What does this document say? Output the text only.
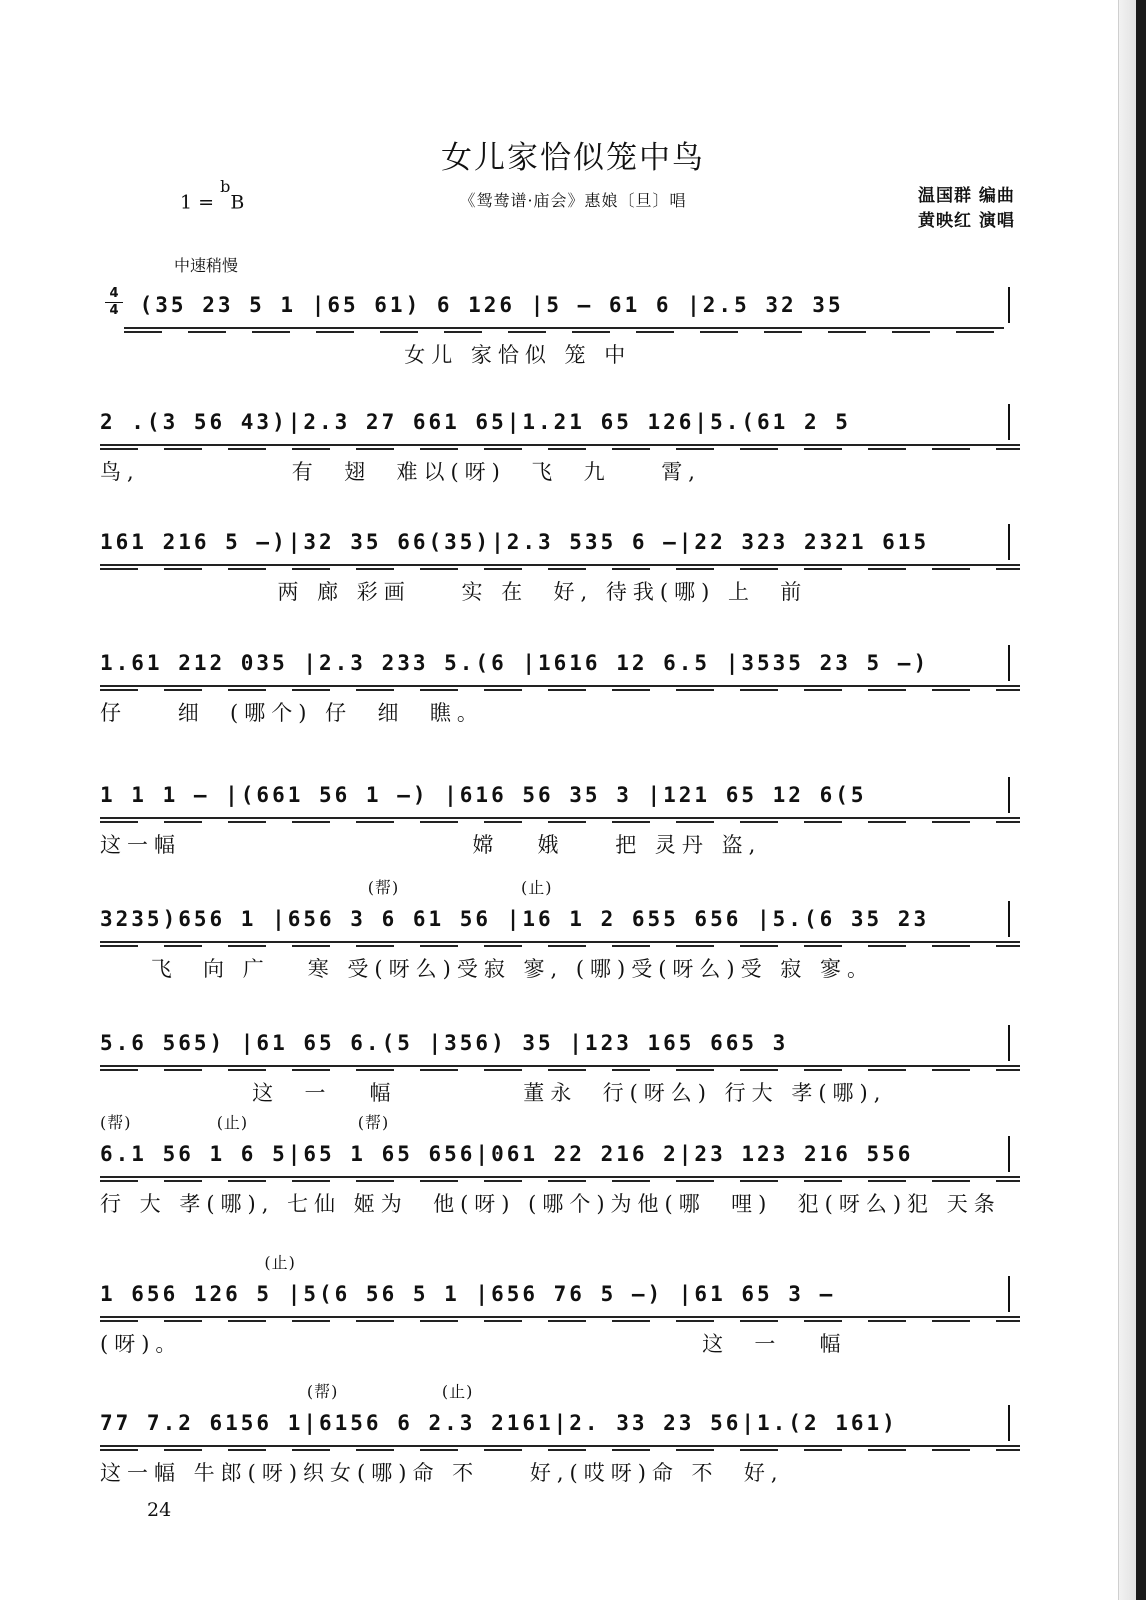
女儿家恰似笼中鸟
1 = $^b$B	《鸳鸯谱·庙会》惠娘〔旦〕唱	温国群 编曲
黄映红 演唱
中速稍慢
4
4 (35 23 5 1 |65 61) 6 126 |5 — 61 6 |2.5 32 35
女儿 家恰似 笼 中
2 .(3 56 43)|2.3 27 661 65|1.21 65 126|5.(61 2 5
鸟,            有  翅  难以(呀)  飞  九    霄,
161 216 5 —)|32 35 66(35)|2.3 535 6 —|22 323 2321 615
两 廊 彩画    实 在  好, 待我(哪) 上  前
1.61 212 035 |2.3 233 5.(6 |1616 12 6.5 |3535 23 5 —)
仔    细  (哪个) 仔  细  瞧。
1 1 1 — |(661 56 1 —) |616 56 35 3 |121 65 12 6(5
这一幅                       嫦   娥    把 灵丹 盗,
(帮)                    (止)
3235)656 1 |656 3 6 61 56 |16 1 2 655 656 |5.(6 35 23
飞  向 广   寒 受(呀么)受寂 寥, (哪)受(呀么)受 寂 寥。
5.6 565) |61 65 6.(5 |356) 35 |123 165 665 3
这  一   幅          董永  行(呀么) 行大 孝(哪),
(帮)              (止)                  (帮)
6.1 56 1 6 5|65 1 65 656|061 22 216 2|23 123 216 556
行 大 孝(哪), 七仙 姬为  他(呀) (哪个)为他(哪  哩)  犯(呀么)犯 天条
(止)
1 656 126 5 |5(6 56 5 1 |656 76 5 —) |61 65 3 —
(呀)。                                         这  一   幅
(帮)                 (止)
77 7.2 6156 1|6156 6 2.3 2161|2. 33 23 56|1.(2 161)
这一幅 牛郎(呀)织女(哪)命 不    好,(哎呀)命 不  好,
24
